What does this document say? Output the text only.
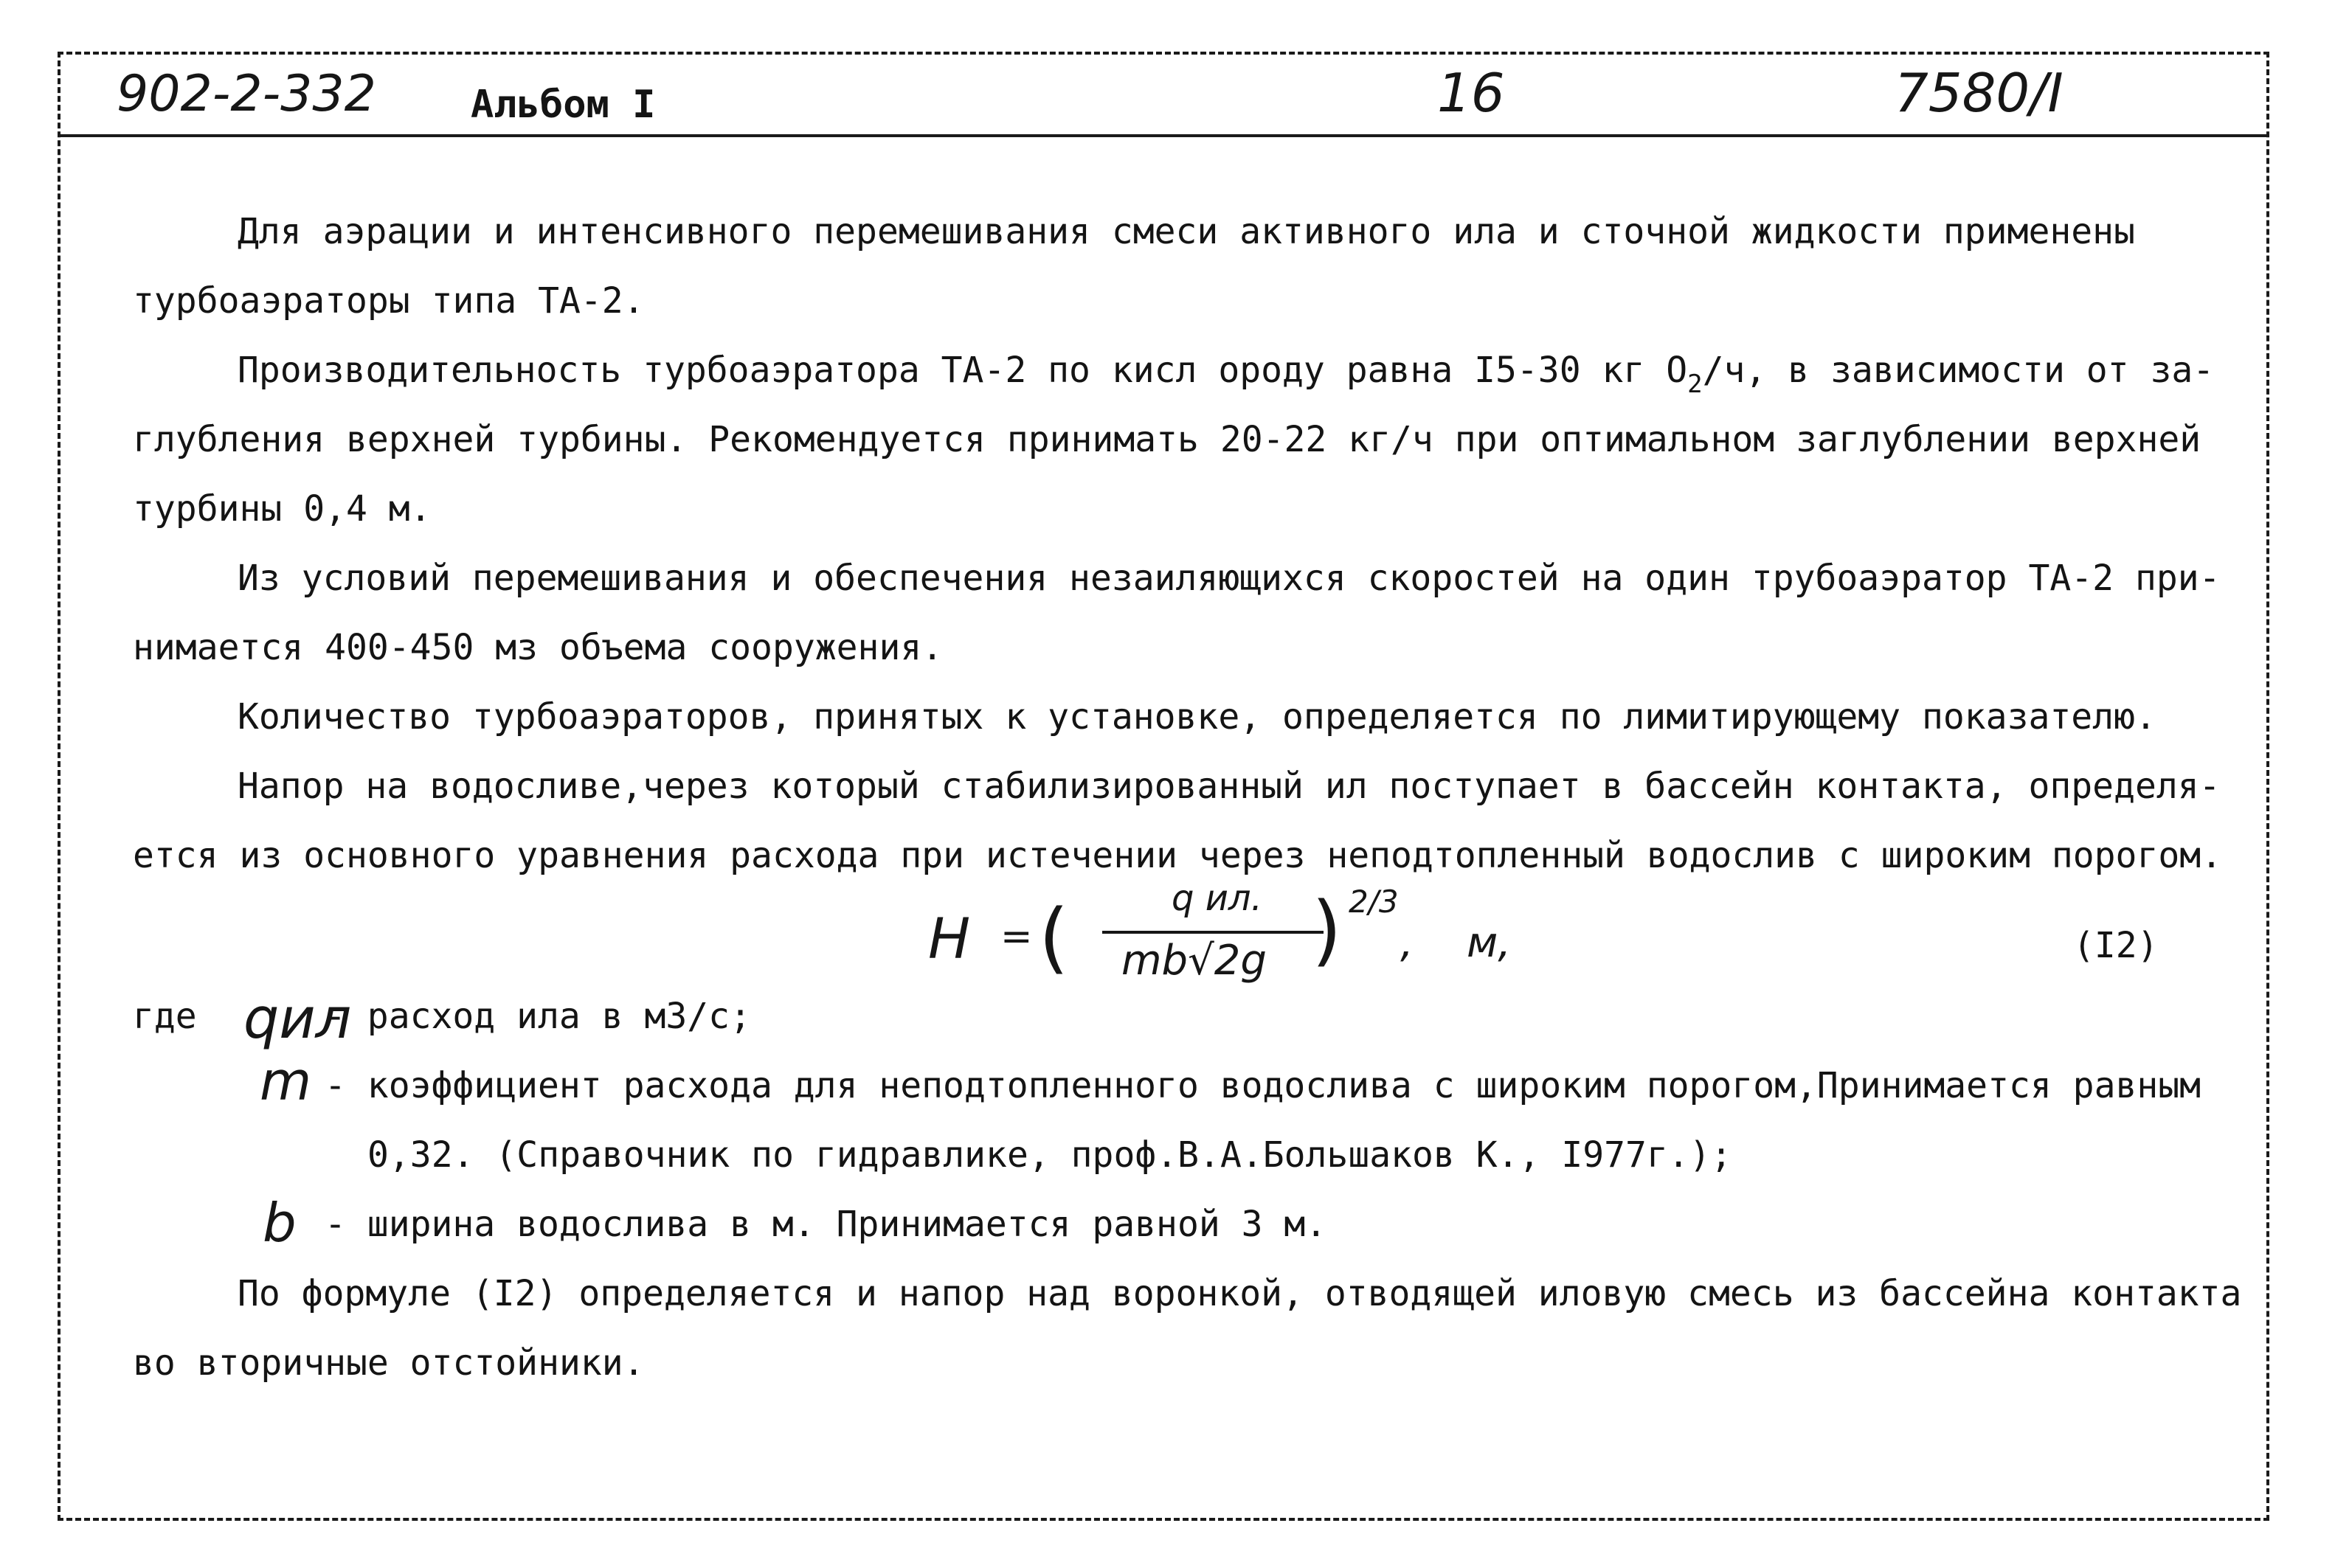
902-2-332 Альбом I	16	7580/I
Для аэрации и интенсивного перемешивания смеси активного ила и сточной жидкости применены
турбоаэраторы типа ТА-2.
Производительность турбоаэратора ТА-2 по кисл ороду равна I5-30 кг $O_2/ч$, в зависимости от за-
глубления верхней турбины. Рекомендуется принимать 20-22 кг/ч при оптимальном заглублении верхней
турбины 0,4 м.
Из условий перемешивания и обеспечения незаиляющихся скоростей на один трубоаэратор ТА-2 при-
нимается 400-450 мз объема сооружения.
Количество турбоаэраторов, принятых к установке, определяется по лимитирующему показателю.
Напор на водосливе,через который стабилизированный ил поступает в бассейн контакта, определя-
ется из основного уравнения расхода при истечении через неподтопленный водослив с широким порогом.
H = (	q ил.
mb√2g ) 2/3
, м,	(I2)
где qил
- расход ила в м3/с;
m - коэффициент расхода для неподтопленного водослива с широким порогом,Принимается равным
0,32. (Справочник по гидравлике, проф.В.А.Большаков К., I977г.);
b - ширина водослива в м. Принимается равной 3 м.
По формуле (I2) определяется и напор над воронкой, отводящей иловую смесь из бассейна контакта
во вторичные отстойники.
